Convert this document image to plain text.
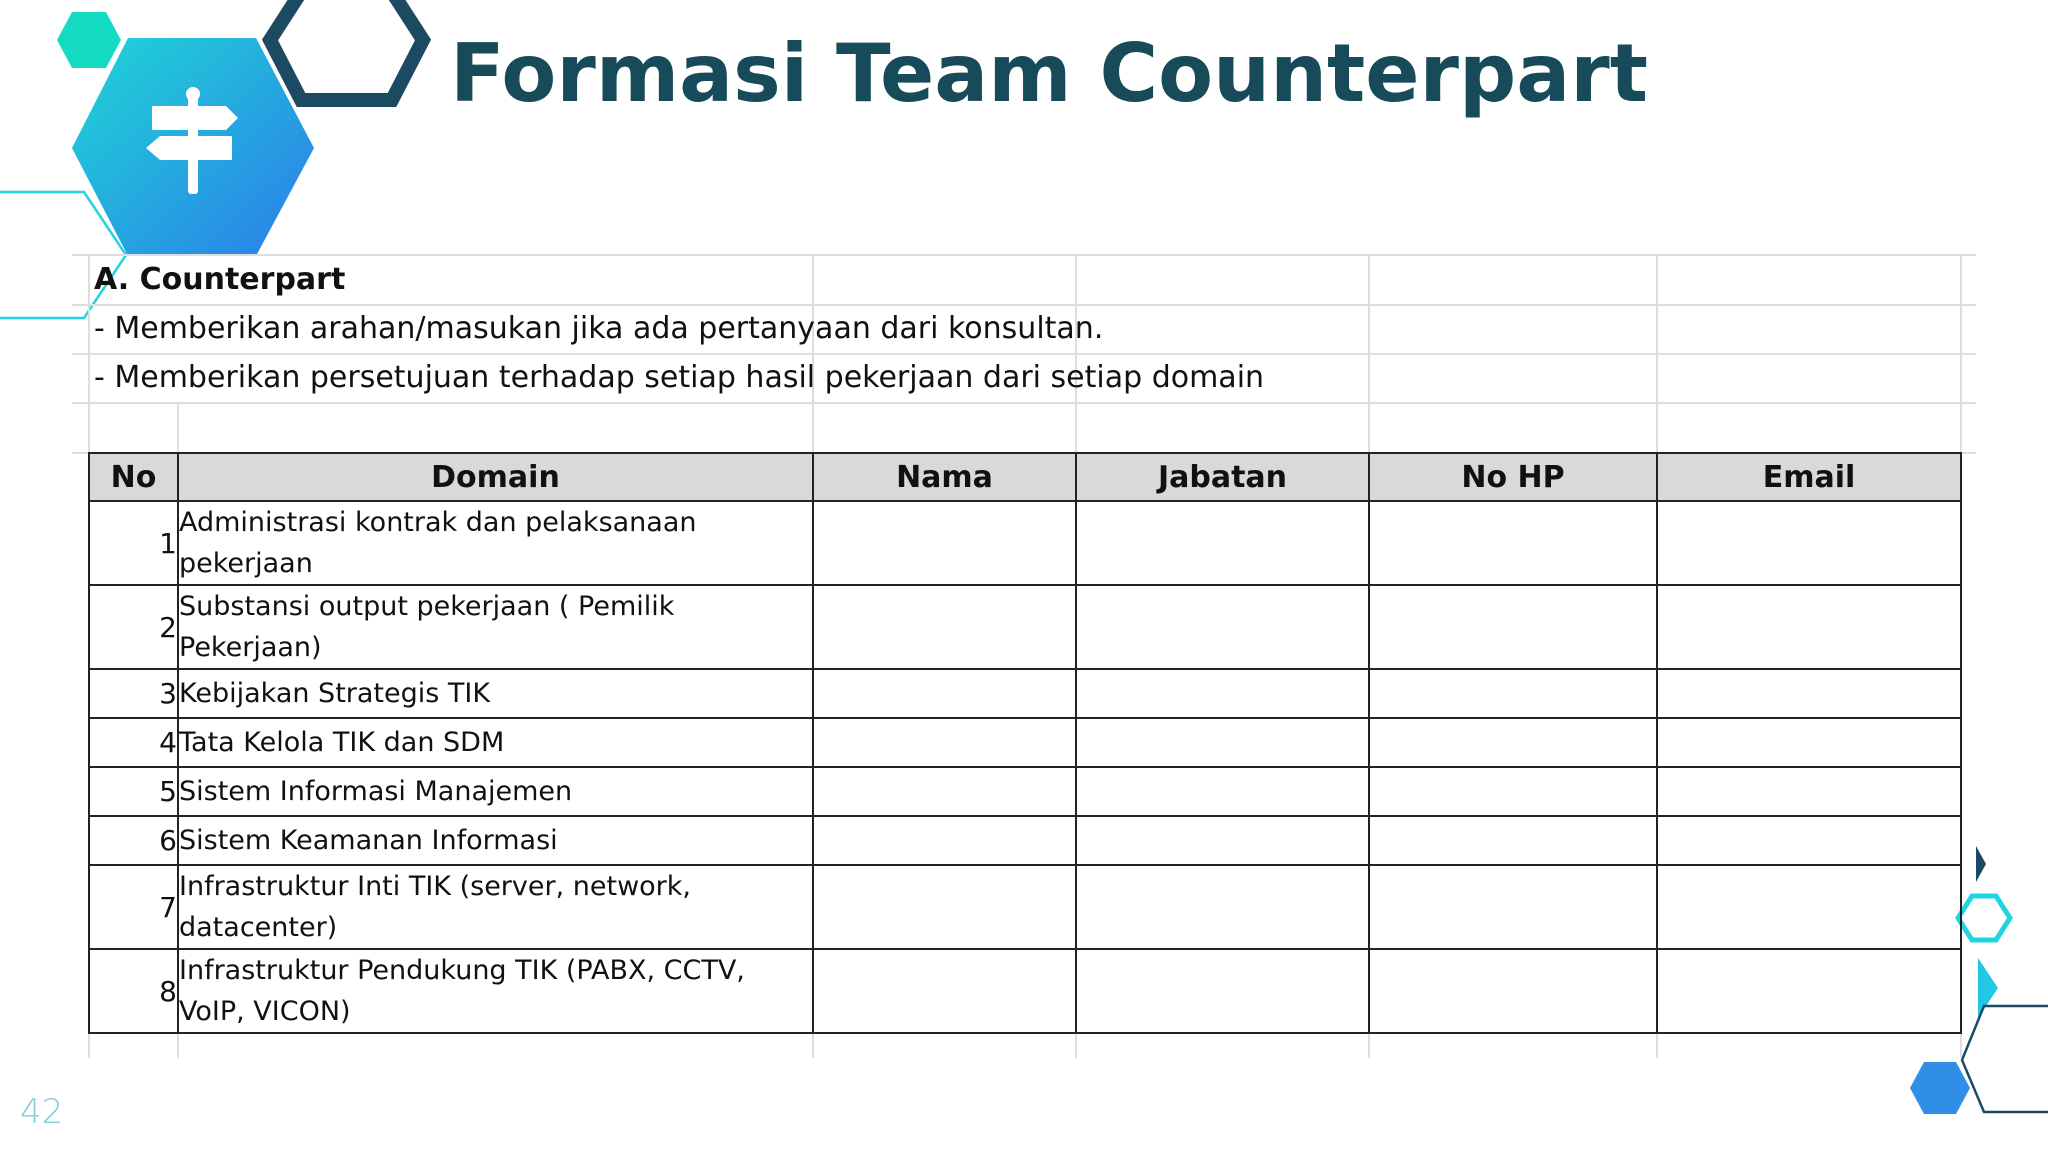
Formasi Team Counterpart
A. Counterpart
- Memberikan arahan/masukan jika ada pertanyaan dari konsultan.
- Memberikan persetujuan terhadap setiap hasil pekerjaan dari setiap domain
No	Domain	Nama	Jabatan	No HP	Email
1	Administrasi kontrak dan pelaksanaan pekerjaan				
2	Substansi output pekerjaan ( Pemilik Pekerjaan)				
3	Kebijakan Strategis TIK				
4	Tata Kelola TIK dan SDM				
5	Sistem Informasi Manajemen				
6	Sistem Keamanan Informasi				
7	Infrastruktur Inti TIK (server, network, datacenter)				
8	Infrastruktur Pendukung TIK (PABX, CCTV, VoIP, VICON)				
42
